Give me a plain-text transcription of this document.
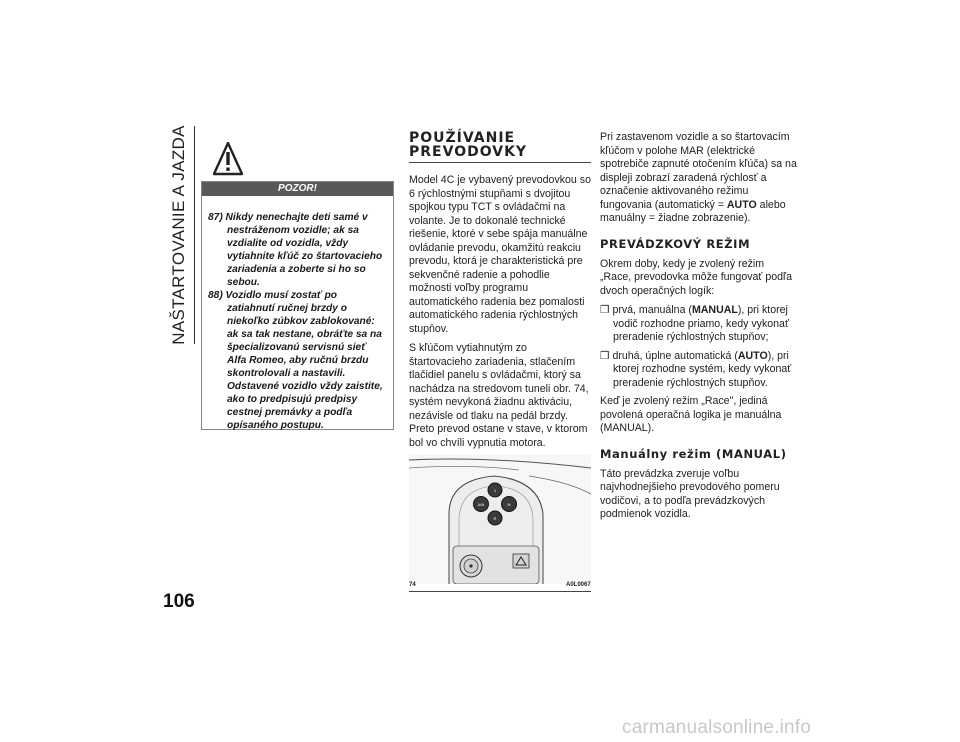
NAŠTARTOVANIE A JAZDA
106
POZOR!
87) Nikdy nenechajte deti samé v nestráženom vozidle; ak sa vzdialite od vozidla, vždy vytiahnite kľúč zo štartovacieho zariadenia a zoberte si ho so sebou.
88) Vozidlo musí zostať po zatiahnutí ručnej brzdy o niekoľko zúbkov zablokované: ak sa tak nestane, obráťte sa na špecializovanú servisnú sieť Alfa Romeo, aby ručnú brzdu skontrolovali a nastavili. Odstavené vozidlo vždy zaistite, ako to predpisujú predpisy cestnej premávky a podľa opísaného postupu.
POUŽÍVANIE PREVODOVKY

Model 4C je vybavený prevodovkou so 6 rýchlostnými stupňami s dvojitou spojkou typu TCT s ovládačmi na volante. Je to dokonalé technické riešenie, ktoré v sebe spája manuálne ovládanie prevodu, okamžitú reakciu prevodu, ktorá je charakteristická pre sekvenčné radenie a pohodlie možnosti voľby programu automatického radenia bez pomalosti automatického radenia rýchlostných stupňov.

S kľúčom vytiahnutým zo štartovacieho zariadenia, stlačením tlačidiel panelu s ovládačmi, ktorý sa nachádza na stredovom tuneli obr. 74, systém nevykoná žiadnu aktiváciu, nezávisle od tlaku na pedál brzdy. Preto prevod ostane v stave, v ktorom bol vo chvíli vypnutia motora.

1
A/M	N
R
74	A0L0067

Pri zastavenom vozidle a so štartovacím kľúčom v polohe MAR (elektrické spotrebiče zapnuté otočením kľúča) sa na displeji zobrazí zaradená rýchlosť a označenie aktivovaného režimu fungovania (automatický = AUTO alebo manuálny = žiadne zobrazenie).

PREVÁDZKOVÝ REŽIM

Okrem doby, kedy je zvolený režim „Race, prevodovka môže fungovať podľa dvoch operačných logík:

❒ prvá, manuálna (MANUAL), pri ktorej vodič rozhodne priamo, kedy vykonať preradenie rýchlostných stupňov;

❒ druhá, úplne automatická (AUTO), pri ktorej rozhodne systém, kedy vykonať preradenie rýchlostných stupňov.

Keď je zvolený režim „Race", jediná povolená operačná logika je manuálna (MANUAL).

Manuálny režim (MANUAL)

Táto prevádzka zveruje voľbu najvhodnejšieho prevodového pomeru vodičovi, a to podľa prevádzkových podmienok vozidla.

carmanualsonline.info
